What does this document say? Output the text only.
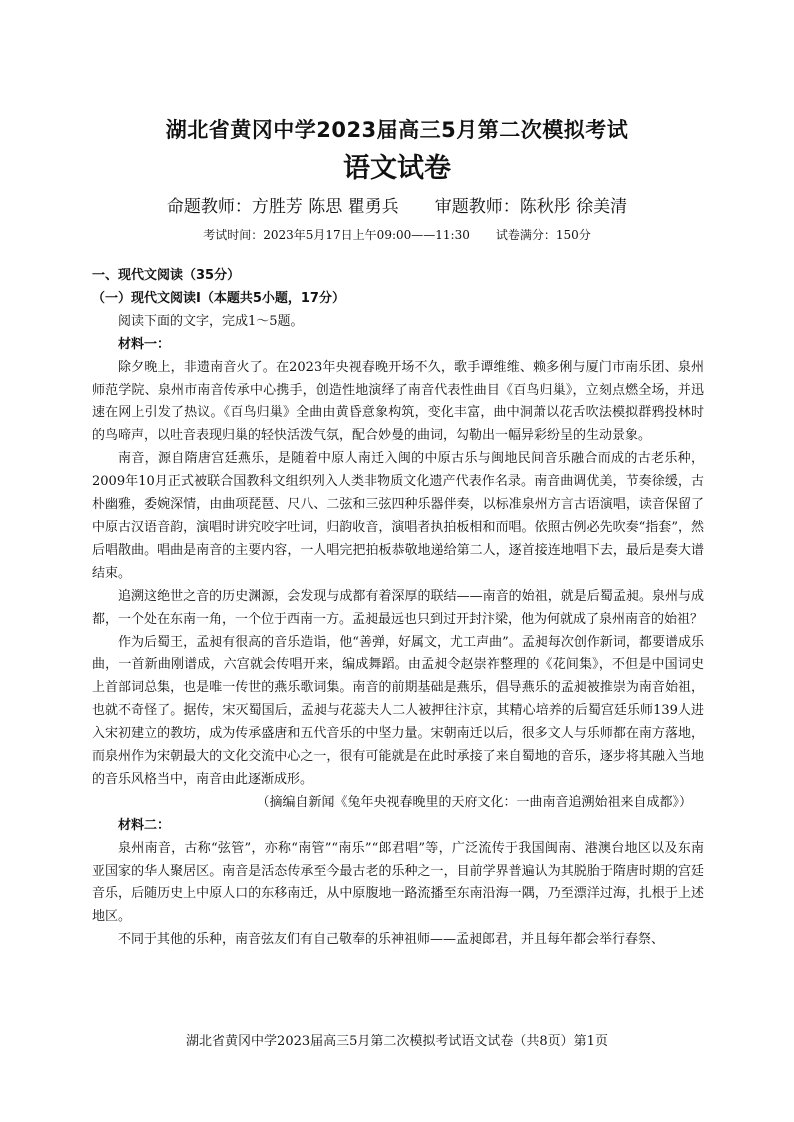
湖北省黄冈中学2023届高三5月第二次模拟考试
语文试卷
命题教师：方胜芳 陈思 瞿勇兵 审题教师：陈秋彤 徐美清
考试时间：2023年5月17日上午09:00——11:30 试卷满分：150分

一、现代文阅读（35分）

（一）现代文阅读Ⅰ（本题共5小题，17分）

阅读下面的文字，完成1～5题。

材料一：

除夕晚上，非遗南音火了。在2023年央视春晚开场不久，歌手谭维维、赖多俐与厦门市南乐团、泉州师范学院、泉州市南音传承中心携手，创造性地演绎了南音代表性曲目《百鸟归巢》，立刻点燃全场，并迅速在网上引发了热议。《百鸟归巢》全曲由黄昏意象构筑，变化丰富，曲中洞萧以花舌吹法模拟群鸦投林时的鸟啼声，以吐音表现归巢的轻快活泼气氛，配合妙曼的曲词，勾勒出一幅异彩纷呈的生动景象。

南音，源自隋唐宫廷燕乐，是随着中原人南迁入闽的中原古乐与闽地民间音乐融合而成的古老乐种，2009年10月正式被联合国教科文组织列入人类非物质文化遗产代表作名录。南音曲调优美，节奏徐缓，古朴幽雅，委婉深情，由曲项琵琶、尺八、二弦和三弦四种乐器伴奏，以标准泉州方言古语演唱，读音保留了中原古汉语音韵，演唱时讲究咬字吐词，归韵收音，演唱者执拍板相和而唱。依照古例必先吹奏“指套”，然后唱散曲。唱曲是南音的主要内容，一人唱完把拍板恭敬地递给第二人，逐首接连地唱下去，最后是奏大谱结束。

追溯这绝世之音的历史渊源，会发现与成都有着深厚的联结——南音的始祖，就是后蜀孟昶。泉州与成都，一个处在东南一角，一个位于西南一方。孟昶最远也只到过开封汴梁，他为何就成了泉州南音的始祖？

作为后蜀王，孟昶有很高的音乐造诣，他“善弹，好属文，尤工声曲”。孟昶每次创作新词，都要谱成乐曲，一首新曲刚谱成，六宫就会传唱开来，编成舞蹈。由孟昶令赵崇祚整理的《花间集》，不但是中国词史上首部词总集，也是唯一传世的燕乐歌词集。南音的前期基础是燕乐，倡导燕乐的孟昶被推崇为南音始祖，也就不奇怪了。据传，宋灭蜀国后，孟昶与花蕊夫人二人被押往汴京，其精心培养的后蜀宫廷乐师139人进入宋初建立的教坊，成为传承盛唐和五代音乐的中坚力量。宋朝南迁以后，很多文人与乐师都在南方落地，而泉州作为宋朝最大的文化交流中心之一，很有可能就是在此时承接了来自蜀地的音乐，逐步将其融入当地的音乐风格当中，南音由此逐渐成形。

（摘编自新闻《兔年央视春晚里的天府文化：一曲南音追溯始祖来自成都》）

材料二：

泉州南音，古称“弦管”，亦称“南管”“南乐”“郎君唱”等，广泛流传于我国闽南、港澳台地区以及东南亚国家的华人聚居区。南音是活态传承至今最古老的乐种之一，目前学界普遍认为其脱胎于隋唐时期的宫廷音乐，后随历史上中原人口的东移南迁，从中原腹地一路流播至东南沿海一隅，乃至漂洋过海，扎根于上述地区。

不同于其他的乐种，南音弦友们有自己敬奉的乐神祖师——孟昶郎君，并且每年都会举行春祭、

湖北省黄冈中学2023届高三5月第二次模拟考试语文试卷（共8页）第1页
